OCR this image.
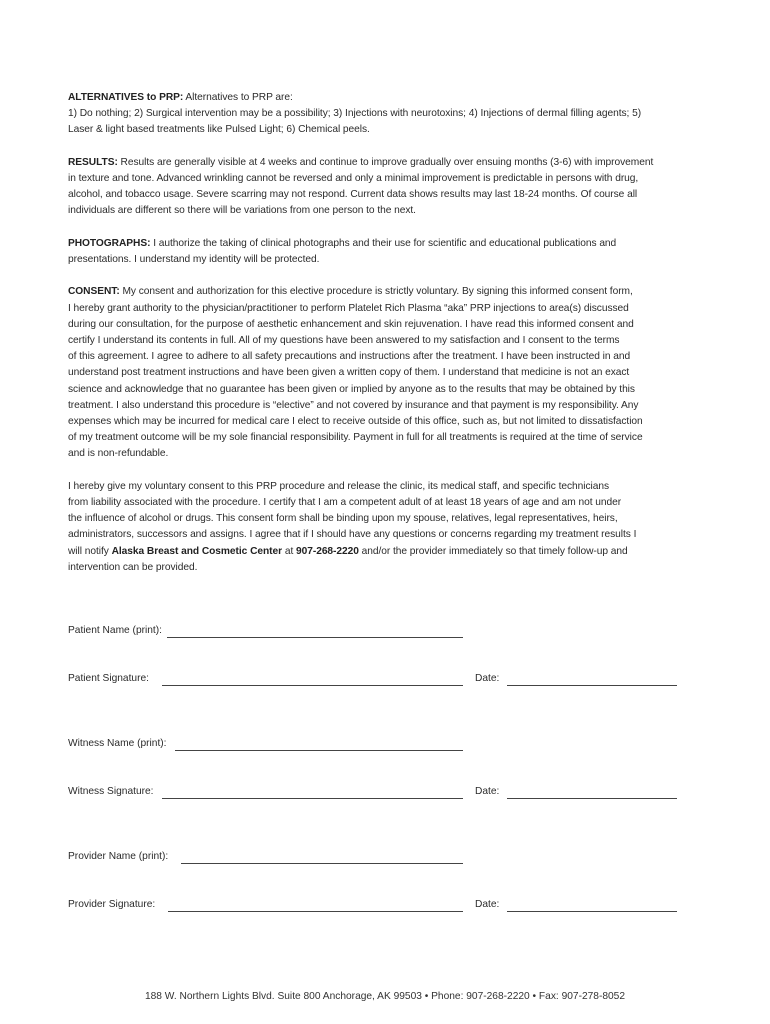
ALTERNATIVES to PRP: Alternatives to PRP are:
1) Do nothing; 2) Surgical intervention may be a possibility; 3) Injections with neurotoxins; 4) Injections of dermal filling agents; 5)
Laser & light based treatments like Pulsed Light; 6) Chemical peels.
RESULTS: Results are generally visible at 4 weeks and continue to improve gradually over ensuing months (3-6) with improvement
in texture and tone. Advanced wrinkling cannot be reversed and only a minimal improvement is predictable in persons with drug,
alcohol, and tobacco usage. Severe scarring may not respond. Current data shows results may last 18-24 months. Of course all
individuals are different so there will be variations from one person to the next.
PHOTOGRAPHS: I authorize the taking of clinical photographs and their use for scientific and educational publications and
presentations. I understand my identity will be protected.
CONSENT: My consent and authorization for this elective procedure is strictly voluntary. By signing this informed consent form,
I hereby grant authority to the physician/practitioner to perform Platelet Rich Plasma “aka” PRP injections to area(s) discussed
during our consultation, for the purpose of aesthetic enhancement and skin rejuvenation. I have read this informed consent and
certify I understand its contents in full. All of my questions have been answered to my satisfaction and I consent to the terms
of this agreement. I agree to adhere to all safety precautions and instructions after the treatment. I have been instructed in and
understand post treatment instructions and have been given a written copy of them. I understand that medicine is not an exact
science and acknowledge that no guarantee has been given or implied by anyone as to the results that may be obtained by this
treatment. I also understand this procedure is “elective” and not covered by insurance and that payment is my responsibility. Any
expenses which may be incurred for medical care I elect to receive outside of this office, such as, but not limited to dissatisfaction
of my treatment outcome will be my sole financial responsibility. Payment in full for all treatments is required at the time of service
and is non-refundable.
I hereby give my voluntary consent to this PRP procedure and release the clinic, its medical staff, and specific technicians
from liability associated with the procedure. I certify that I am a competent adult of at least 18 years of age and am not under
the influence of alcohol or drugs. This consent form shall be binding upon my spouse, relatives, legal representatives, heirs,
administrators, successors and assigns. I agree that if I should have any questions or concerns regarding my treatment results I
will notify Alaska Breast and Cosmetic Center at 907-268-2220 and/or the provider immediately so that timely follow-up and
intervention can be provided.
Patient Name (print):
Patient Signature:	Date:
Witness Name (print):
Witness Signature:	Date:
Provider Name (print):
Provider Signature:	Date:
188 W. Northern Lights Blvd. Suite 800 Anchorage, AK 99503 • Phone: 907-268-2220 • Fax: 907-278-8052
